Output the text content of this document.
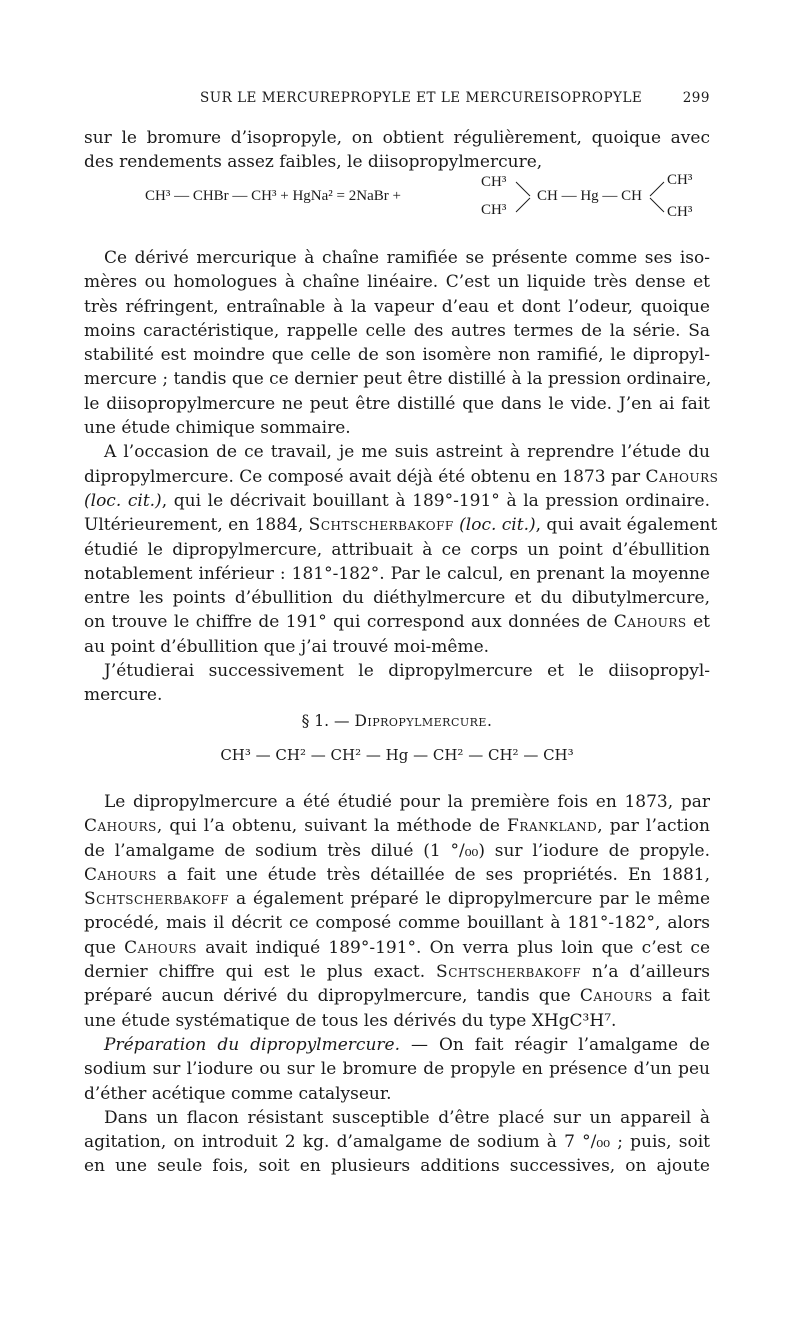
SUR LE MERCUREPROPYLE ET LE MERCUREISOPROPYLE	299
sur le bromure d’isopropyle, on obtient régulièrement, quoique avec
des rendements assez faibles, le diisopropylmercure,
CH³ — CHBr — CH³ + HgNa² = 2NaBr +
CH³
CH³
CH — Hg — CH
CH³
CH³
Ce dérivé mercurique à chaîne ramifiée se présente comme ses iso-
mères ou homologues à chaîne linéaire. C’est un liquide très dense et
très réfringent, entraînable à la vapeur d’eau et dont l’odeur, quoique
moins caractéristique, rappelle celle des autres termes de la série. Sa
stabilité est moindre que celle de son isomère non ramifié, le dipropyl-
mercure ; tandis que ce dernier peut être distillé à la pression ordinaire,
le diisopropylmercure ne peut être distillé que dans le vide. J’en ai fait
une étude chimique sommaire.
A l’occasion de ce travail, je me suis astreint à reprendre l’étude du
dipropylmercure. Ce composé avait déjà été obtenu en 1873 par Cahours
(loc. cit.), qui le décrivait bouillant à 189°-191° à la pression ordinaire.
Ultérieurement, en 1884, Schtscherbakoff (loc. cit.), qui avait également
étudié le dipropylmercure, attribuait à ce corps un point d’ébullition
notablement inférieur : 181°-182°. Par le calcul, en prenant la moyenne
entre les points d’ébullition du diéthylmercure et du dibutylmercure,
on trouve le chiffre de 191° qui correspond aux données de Cahours et
au point d’ébullition que j’ai trouvé moi-même.
J’étudierai successivement le dipropylmercure et le diisopropyl-
mercure.
§ 1. — Dipropylmercure.
CH³ — CH² — CH² — Hg — CH² — CH² — CH³
Le dipropylmercure a été étudié pour la première fois en 1873, par
Cahours, qui l’a obtenu, suivant la méthode de Frankland, par l’action
de l’amalgame de sodium très dilué (1 °/₀₀) sur l’iodure de propyle.
Cahours a fait une étude très détaillée de ses propriétés. En 1881,
Schtscherbakoff a également préparé le dipropylmercure par le même
procédé, mais il décrit ce composé comme bouillant à 181°-182°, alors
que Cahours avait indiqué 189°-191°. On verra plus loin que c’est ce
dernier chiffre qui est le plus exact. Schtscherbakoff n’a d’ailleurs
préparé aucun dérivé du dipropylmercure, tandis que Cahours a fait
une étude systématique de tous les dérivés du type XHgC³H⁷.
Préparation du dipropylmercure. — On fait réagir l’amalgame de
sodium sur l’iodure ou sur le bromure de propyle en présence d’un peu
d’éther acétique comme catalyseur.
Dans un flacon résistant susceptible d’être placé sur un appareil à
agitation, on introduit 2 kg. d’amalgame de sodium à 7 °/₀₀ ; puis, soit
en une seule fois, soit en plusieurs additions successives, on ajoute
